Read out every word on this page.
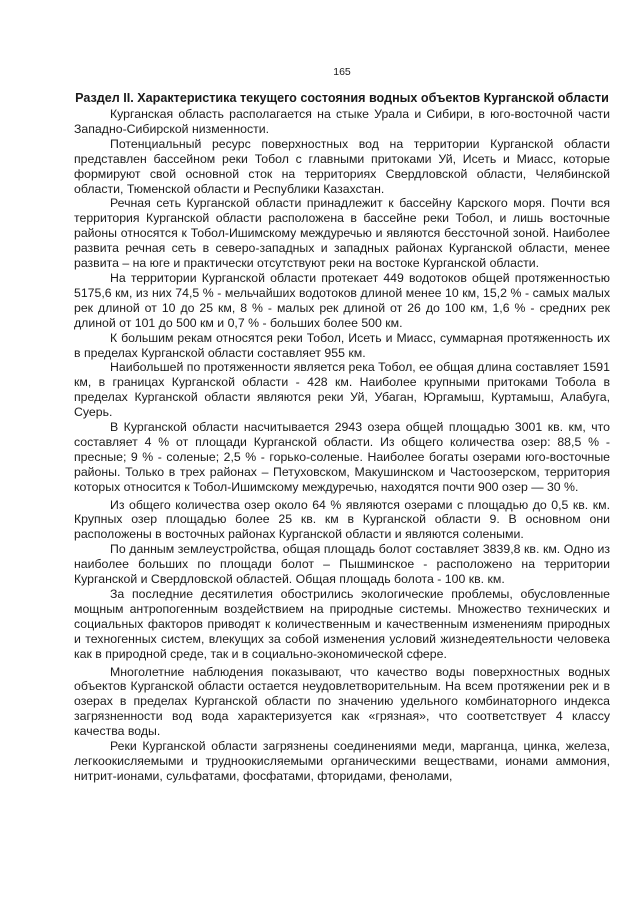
165
Раздел II. Характеристика текущего состояния водных объектов Курганской области

Курганская область располагается на стыке Урала и Сибири, в юго-восточной части Западно-Сибирской низменности.

Потенциальный ресурс поверхностных вод на территории Курганской области представлен бассейном реки Тобол с главными притоками Уй, Исеть и Миасс, которые формируют свой основной сток на территориях Свердловской области, Челябинской области, Тюменской области и Республики Казахстан.

Речная сеть Курганской области принадлежит к бассейну Карского моря. Почти вся территория Курганской области расположена в бассейне реки Тобол, и лишь восточные районы относятся к Тобол-Ишимскому междуречью и являются бессточной зоной. Наиболее развита речная сеть в северо-западных и западных районах Курганской области, менее развита – на юге и практически отсутствуют реки на востоке Курганской области.

На территории Курганской области протекает 449 водотоков общей протяженностью 5175,6 км, из них 74,5 % - мельчайших водотоков длиной менее 10 км, 15,2 % - самых малых рек длиной от 10 до 25 км, 8 % - малых рек длиной от 26 до 100 км, 1,6 % - средних рек длиной от 101 до 500 км и 0,7 % - больших более 500 км.

К большим рекам относятся реки Тобол, Исеть и Миасс, суммарная протяженность их в пределах Курганской области составляет 955 км.

Наибольшей по протяженности является река Тобол, ее общая длина составляет 1591 км, в границах Курганской области - 428 км. Наиболее крупными притоками Тобола в пределах Курганской области являются реки Уй, Убаган, Юргамыш, Куртамыш, Алабуга, Суерь.

В Курганской области насчитывается 2943 озера общей площадью 3001 кв. км, что составляет 4 % от площади Курганской области. Из общего количества озер: 88,5 % - пресные; 9 % - соленые; 2,5 % - горько-соленые. Наиболее богаты озерами юго-восточные районы. Только в трех районах – Петуховском, Макушинском и Частоозерском, территория которых относится к Тобол-Ишимскому междуречью, находятся почти 900 озер — 30 %.

Из общего количества озер около 64 % являются озерами с площадью до 0,5 кв. км. Крупных озер площадью более 25 кв. км в Курганской области 9. В основном они расположены в восточных районах Курганской области и являются солеными.

По данным землеустройства, общая площадь болот составляет 3839,8 кв. км. Одно из наиболее больших по площади болот – Пышминское - расположено на территории Курганской и Свердловской областей. Общая площадь болота - 100 кв. км.

За последние десятилетия обострились экологические проблемы, обусловленные мощным антропогенным воздействием на природные системы. Множество технических и социальных факторов приводят к количественным и качественным изменениям природных и техногенных систем, влекущих за собой изменения условий жизнедеятельности человека как в природной среде, так и в социально-экономической сфере.

Многолетние наблюдения показывают, что качество воды поверхностных водных объектов Курганской области остается неудовлетворительным. На всем протяжении рек и в озерах в пределах Курганской области по значению удельного комбинаторного индекса загрязненности вод вода характеризуется как «грязная», что соответствует 4 классу качества воды.

Реки Курганской области загрязнены соединениями меди, марганца, цинка, железа, легкоокисляемыми и трудноокисляемыми органическими веществами, ионами аммония, нитрит-ионами, сульфатами, фосфатами, фторидами, фенолами,
